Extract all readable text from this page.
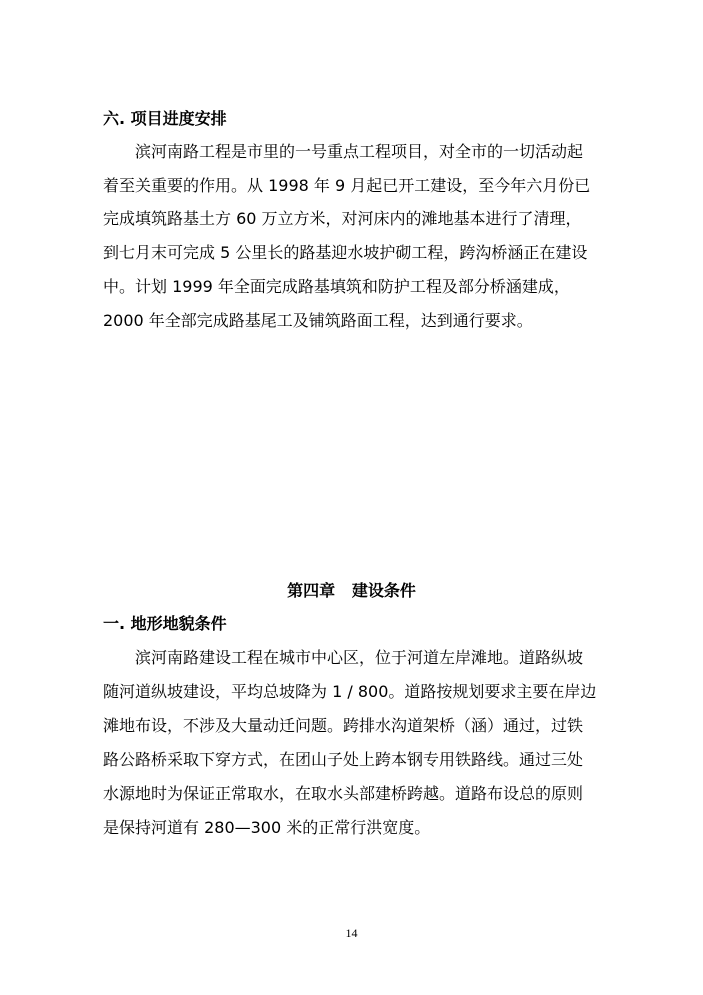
六. 项目进度安排
滨河南路工程是市里的一号重点工程项目，对全市的一切活动起
着至关重要的作用。从 1998 年 9 月起已开工建设，至今年六月份已
完成填筑路基土方 60 万立方米，对河床内的滩地基本进行了清理，
到七月末可完成 5 公里长的路基迎水坡护砌工程，跨沟桥涵正在建设
中。计划 1999 年全面完成路基填筑和防护工程及部分桥涵建成，
2000 年全部完成路基尾工及铺筑路面工程，达到通行要求。
第四章   建设条件
一. 地形地貌条件
滨河南路建设工程在城市中心区，位于河道左岸滩地。道路纵坡
随河道纵坡建设，平均总坡降为 1 / 800。道路按规划要求主要在岸边
滩地布设，不涉及大量动迁问题。跨排水沟道架桥（涵）通过，过铁
路公路桥采取下穿方式，在团山子处上跨本钢专用铁路线。通过三处
水源地时为保证正常取水，在取水头部建桥跨越。道路布设总的原则
是保持河道有 280—300 米的正常行洪宽度。
14
